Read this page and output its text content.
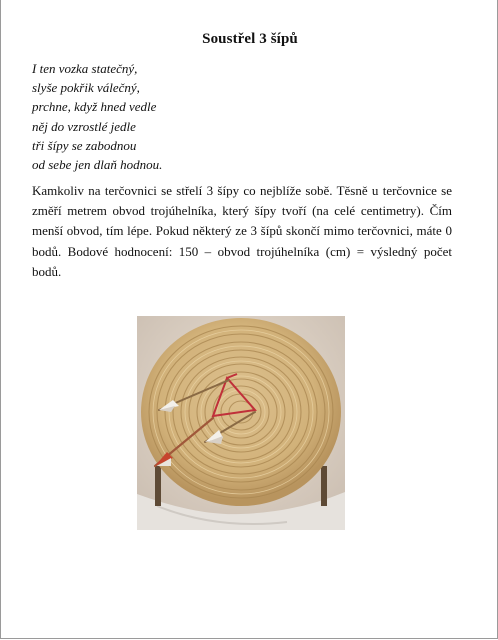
Soustřel 3 šípů
I ten vozka statečný,
slyše pokřik válečný,
prchne, když hned vedle
něj do vzrostlé jedle
tři šípy se zabodnou
od sebe jen dlaň hodnou.
Kamkoliv na terčovnici se střelí 3 šípy co nejblíže sobě. Těsně u terčovnice se změří metrem obvod trojúhelníka, který šípy tvoří (na celé centimetry). Čím menší obvod, tím lépe. Pokud některý ze 3 šípů skončí mimo terčovnici, máte 0 bodů. Bodové hodnocení: 150 – obvod trojúhelníka (cm) = výsledný počet bodů.
